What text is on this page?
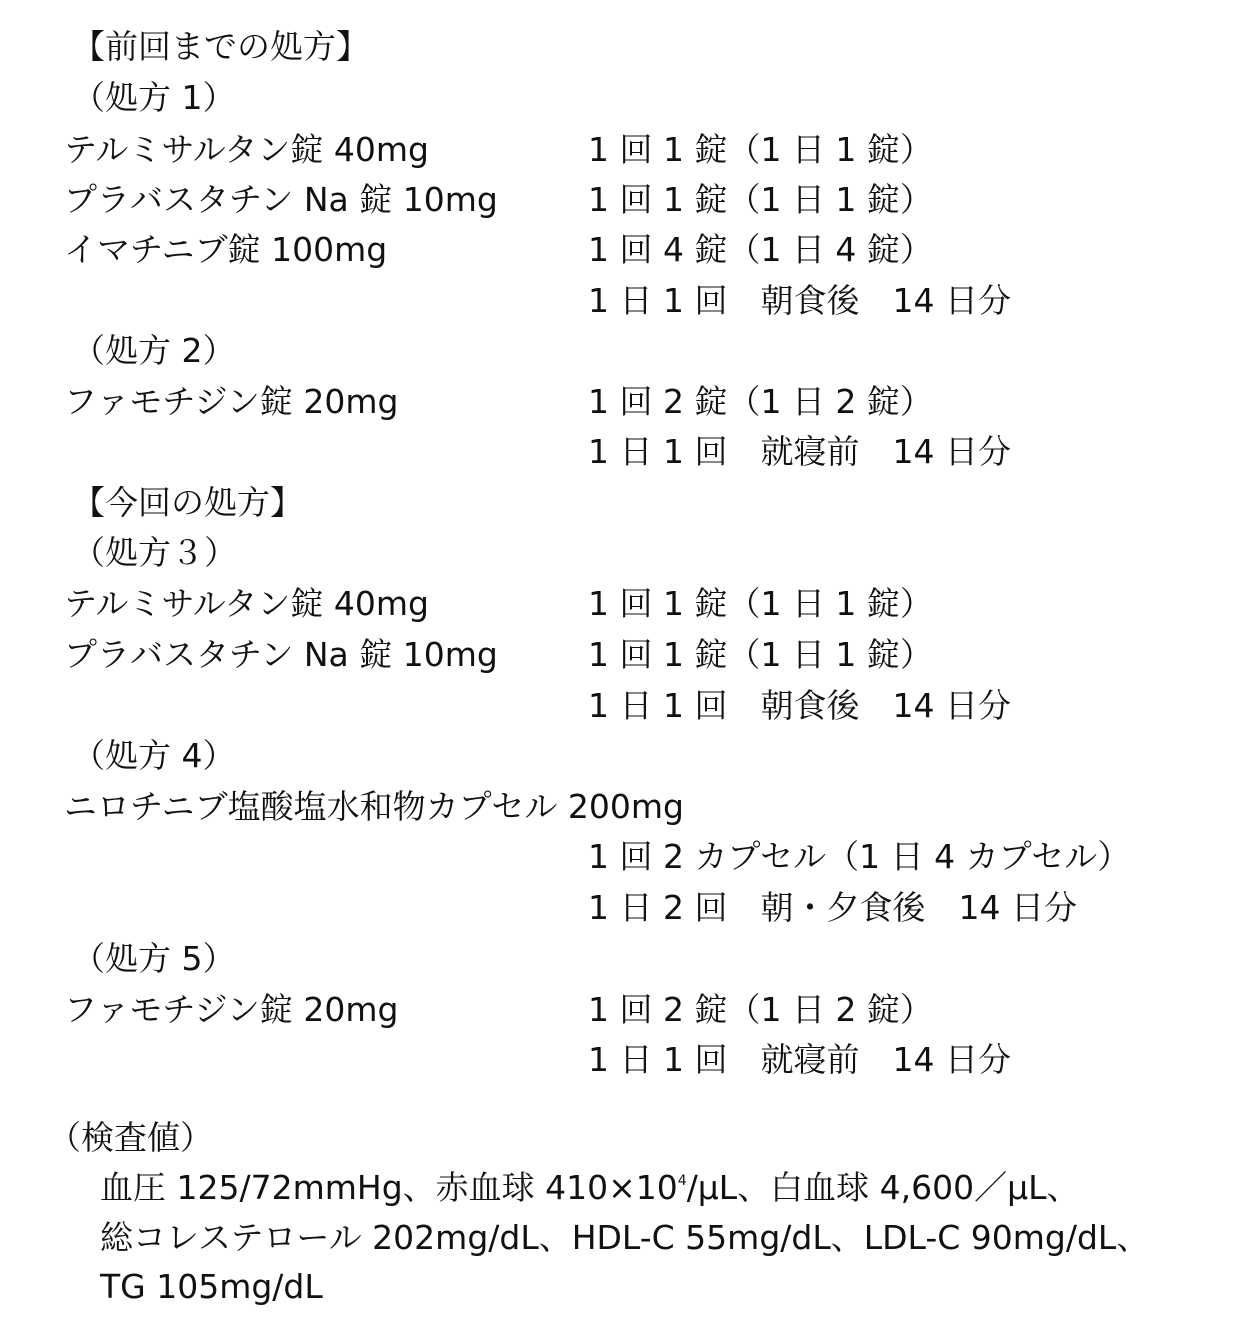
【前回までの処方】
（処方 1）
テルミサルタン錠 40mg	1 回 1 錠（1 日 1 錠）
プラバスタチン Na 錠 10mg	1 回 1 錠（1 日 1 錠）
イマチニブ錠 100mg	1 回 4 錠（1 日 4 錠）
1 日 1 回　朝食後　14 日分
（処方 2）
ファモチジン錠 20mg	1 回 2 錠（1 日 2 錠）
1 日 1 回　就寝前　14 日分
【今回の処方】
（処方３）
テルミサルタン錠 40mg	1 回 1 錠（1 日 1 錠）
プラバスタチン Na 錠 10mg	1 回 1 錠（1 日 1 錠）
1 日 1 回　朝食後　14 日分
（処方 4）
ニロチニブ塩酸塩水和物カプセル 200mg
1 回 2 カプセル（1 日 4 カプセル）
1 日 2 回　朝・夕食後　14 日分
（処方 5）
ファモチジン錠 20mg	1 回 2 錠（1 日 2 錠）
1 日 1 回　就寝前　14 日分
（検査値）
血圧 125/72mmHg、赤血球 $410\times 10^4/\mu L$、白血球 4,600／μL、
総コレステロール 202mg/dL、HDL-C 55mg/dL、LDL-C 90mg/dL、
TG 105mg/dL
